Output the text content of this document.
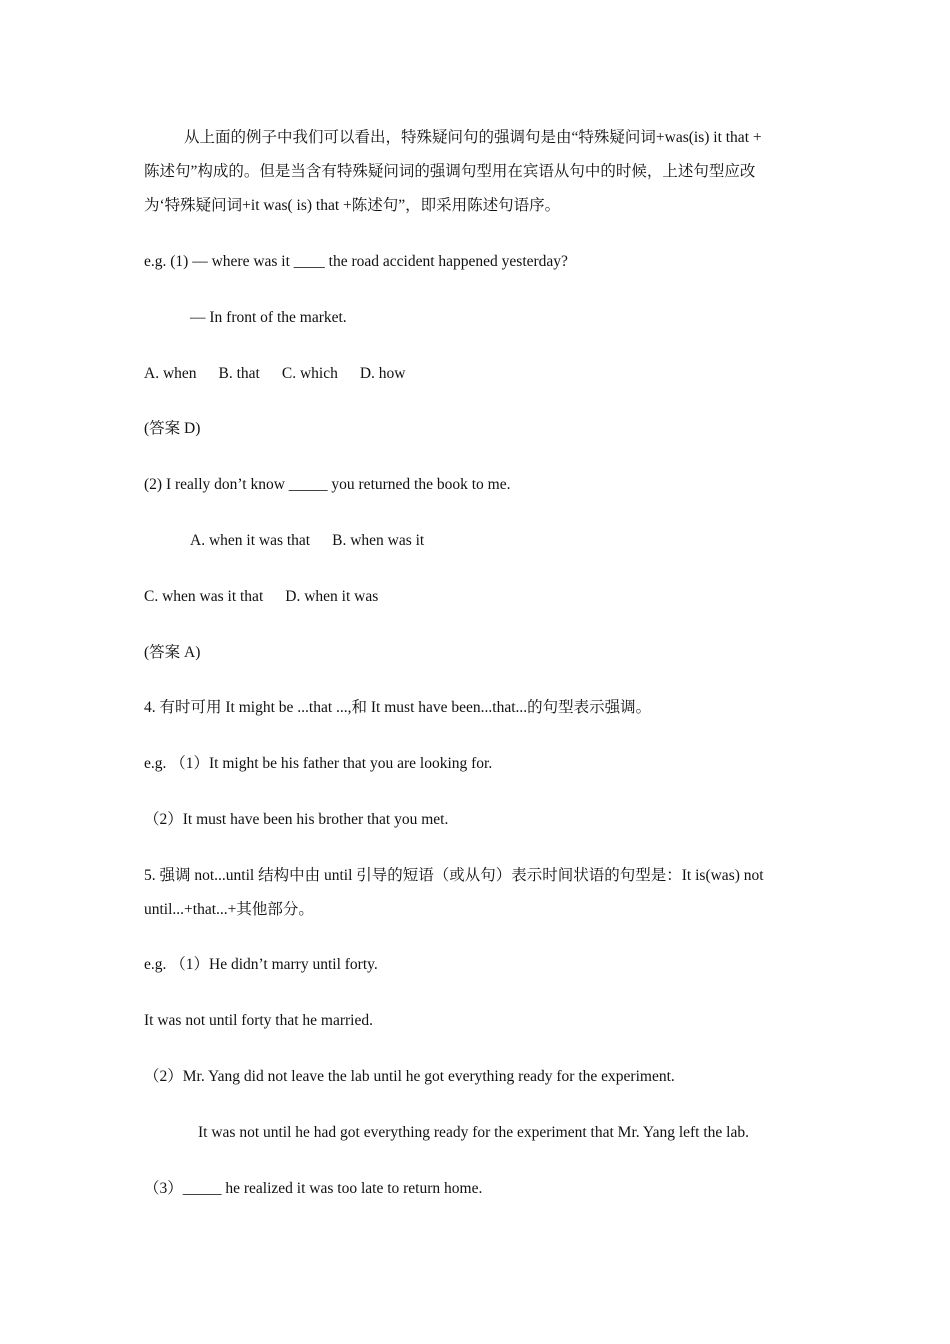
从上面的例子中我们可以看出，特殊疑问句的强调句是由“特殊疑问词+was(is) it that +
陈述句”构成的。但是当含有特殊疑问词的强调句型用在宾语从句中的时候，上述句型应改
为‘特殊疑问词+it was( is) that +陈述句”，即采用陈述句语序。
e.g. (1) — where was it ____ the road accident happened yesterday?
— In front of the market.
A. when B. that C. which D. how
(答案 D)
(2) I really don’t know _____ you returned the book to me.
A. when it was that B. when was it
C. when was it that D. when it was
(答案 A)
4. 有时可用 It might be ...that ...,和 It must have been...that...的句型表示强调。
e.g. （1）It might be his father that you are looking for.
（2）It must have been his brother that you met.
5. 强调 not...until 结构中由 until 引导的短语（或从句）表示时间状语的句型是：It is(was) not
until...+that...+其他部分。
e.g. （1）He didn’t marry until forty.
It was not until forty that he married.
（2）Mr. Yang did not leave the lab until he got everything ready for the experiment.
It was not until he had got everything ready for the experiment that Mr. Yang left the lab.
（3）_____ he realized it was too late to return home.
